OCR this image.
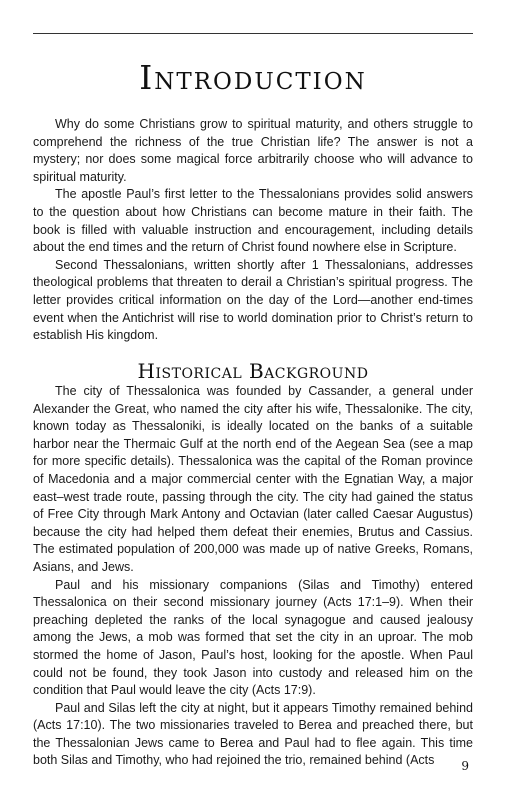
Introduction

Why do some Christians grow to spiritual maturity, and others struggle to comprehend the richness of the true Christian life? The answer is not a mystery; nor does some magical force arbitrarily choose who will advance to spiritual maturity.

The apostle Paul’s first letter to the Thessalonians provides solid answers to the question about how Christians can become mature in their faith. The book is filled with valuable instruction and encouragement, including details about the end times and the return of Christ found nowhere else in Scripture.

Second Thessalonians, written shortly after 1 Thessalonians, addresses theological problems that threaten to derail a Christian’s spiritual progress. The letter provides critical information on the day of the Lord—another end-times event when the Antichrist will rise to world domination prior to Christ’s return to establish His kingdom.

Historical Background

The city of Thessalonica was founded by Cassander, a general under Alexander the Great, who named the city after his wife, Thessalonike. The city, known today as Thessaloniki, is ideally located on the banks of a suitable harbor near the Thermaic Gulf at the north end of the Aegean Sea (see a map for more specific details). Thessalonica was the capital of the Roman province of Macedonia and a major commercial center with the Egnatian Way, a major east–west trade route, passing through the city. The city had gained the status of Free City through Mark Antony and Octavian (later called Caesar Augustus) because the city had helped them defeat their enemies, Brutus and Cassius. The estimated population of 200,000 was made up of native Greeks, Romans, Asians, and Jews.

Paul and his missionary companions (Silas and Timothy) entered Thessalonica on their second missionary journey (Acts 17:1–9). When their preaching depleted the ranks of the local synagogue and caused jealousy among the Jews, a mob was formed that set the city in an uproar. The mob stormed the home of Jason, Paul’s host, looking for the apostle. When Paul could not be found, they took Jason into custody and released him on the condition that Paul would leave the city (Acts 17:9).

Paul and Silas left the city at night, but it appears Timothy remained behind (Acts 17:10). The two missionaries traveled to Berea and preached there, but the Thessalonian Jews came to Berea and Paul had to flee again. This time both Silas and Timothy, who had rejoined the trio, remained behind (Acts	9
